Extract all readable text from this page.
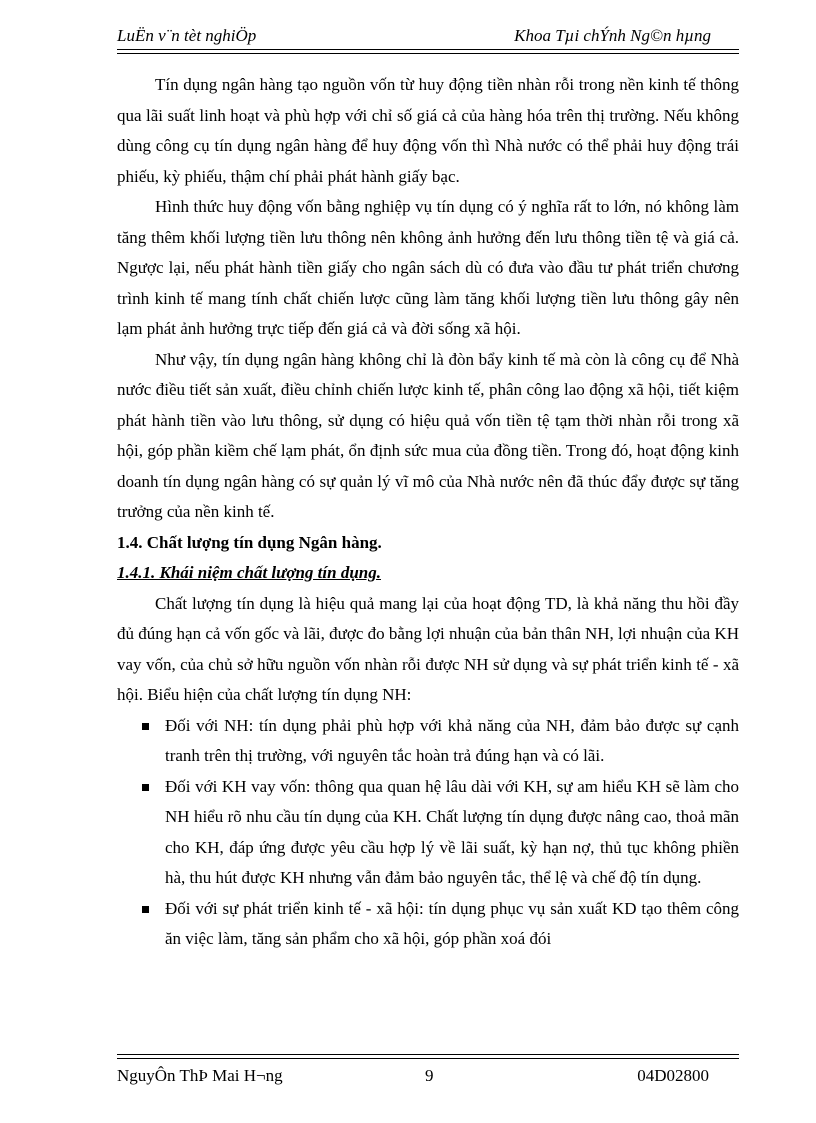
LuËn v¨n tèt nghiÖp	Khoa Tµi chÝnh Ng©n hµng

Tín dụng ngân hàng tạo nguồn vốn từ huy động tiền nhàn rỗi trong nền kinh tế thông qua lãi suất linh hoạt và phù hợp với chỉ số giá cả của hàng hóa trên thị trường. Nếu không dùng công cụ tín dụng ngân hàng để huy động vốn thì Nhà nước có thể phải huy động trái phiếu, kỳ phiếu, thậm chí phải phát hành giấy bạc.

Hình thức huy động vốn bằng nghiệp vụ tín dụng có ý nghĩa rất to lớn, nó không làm tăng thêm khối lượng tiền lưu thông nên không ảnh hưởng đến lưu thông tiền tệ và giá cả. Ngược lại, nếu phát hành tiền giấy cho ngân sách dù có đưa vào đầu tư phát triển chương trình kinh tế mang tính chất chiến lược cũng làm tăng khối lượng tiền lưu thông gây nên lạm phát ảnh hưởng trực tiếp đến giá cả và đời sống xã hội.

Như vậy, tín dụng ngân hàng không chỉ là đòn bẩy kinh tế mà còn là công cụ để Nhà nước điều tiết sản xuất, điều chỉnh chiến lược kinh tế, phân công lao động xã hội, tiết kiệm phát hành tiền vào lưu thông, sử dụng có hiệu quả vốn tiền tệ tạm thời nhàn rỗi trong xã hội, góp phần kiềm chế lạm phát, ổn định sức mua của đồng tiền. Trong đó, hoạt động kinh doanh tín dụng ngân hàng có sự quản lý vĩ mô của Nhà nước nên đã thúc đẩy được sự tăng trưởng của nền kinh tế.

1.4. Chất lượng tín dụng Ngân hàng.

1.4.1. Khái niệm chất lượng tín dụng.

Chất lượng tín dụng là hiệu quả mang lại của hoạt động TD, là khả năng thu hồi đầy đủ đúng hạn cả vốn gốc và lãi, được đo bằng lợi nhuận của bản thân NH, lợi nhuận của KH vay vốn, của chủ sở hữu nguồn vốn nhàn rỗi được NH sử dụng và sự phát triển kinh tế - xã hội. Biểu hiện của chất lượng tín dụng NH:

Đối với NH: tín dụng phải phù hợp với khả năng của NH, đảm bảo được sự cạnh tranh trên thị trường, với nguyên tắc hoàn trả đúng hạn và có lãi.
Đối với KH vay vốn: thông qua quan hệ lâu dài với KH, sự am hiểu KH sẽ làm cho NH hiểu rõ nhu cầu tín dụng của KH. Chất lượng tín dụng được nâng cao, thoả mãn cho KH, đáp ứng được yêu cầu hợp lý về lãi suất, kỳ hạn nợ, thủ tục không phiền hà, thu hút được KH nhưng vẫn đảm bảo nguyên tắc, thể lệ và chế độ tín dụng.
Đối với sự phát triển kinh tế - xã hội: tín dụng phục vụ sản xuất KD tạo thêm công ăn việc làm, tăng sản phẩm cho xã hội, góp phần xoá đói
NguyÔn ThÞ Mai H¬ng	9	04D02800
